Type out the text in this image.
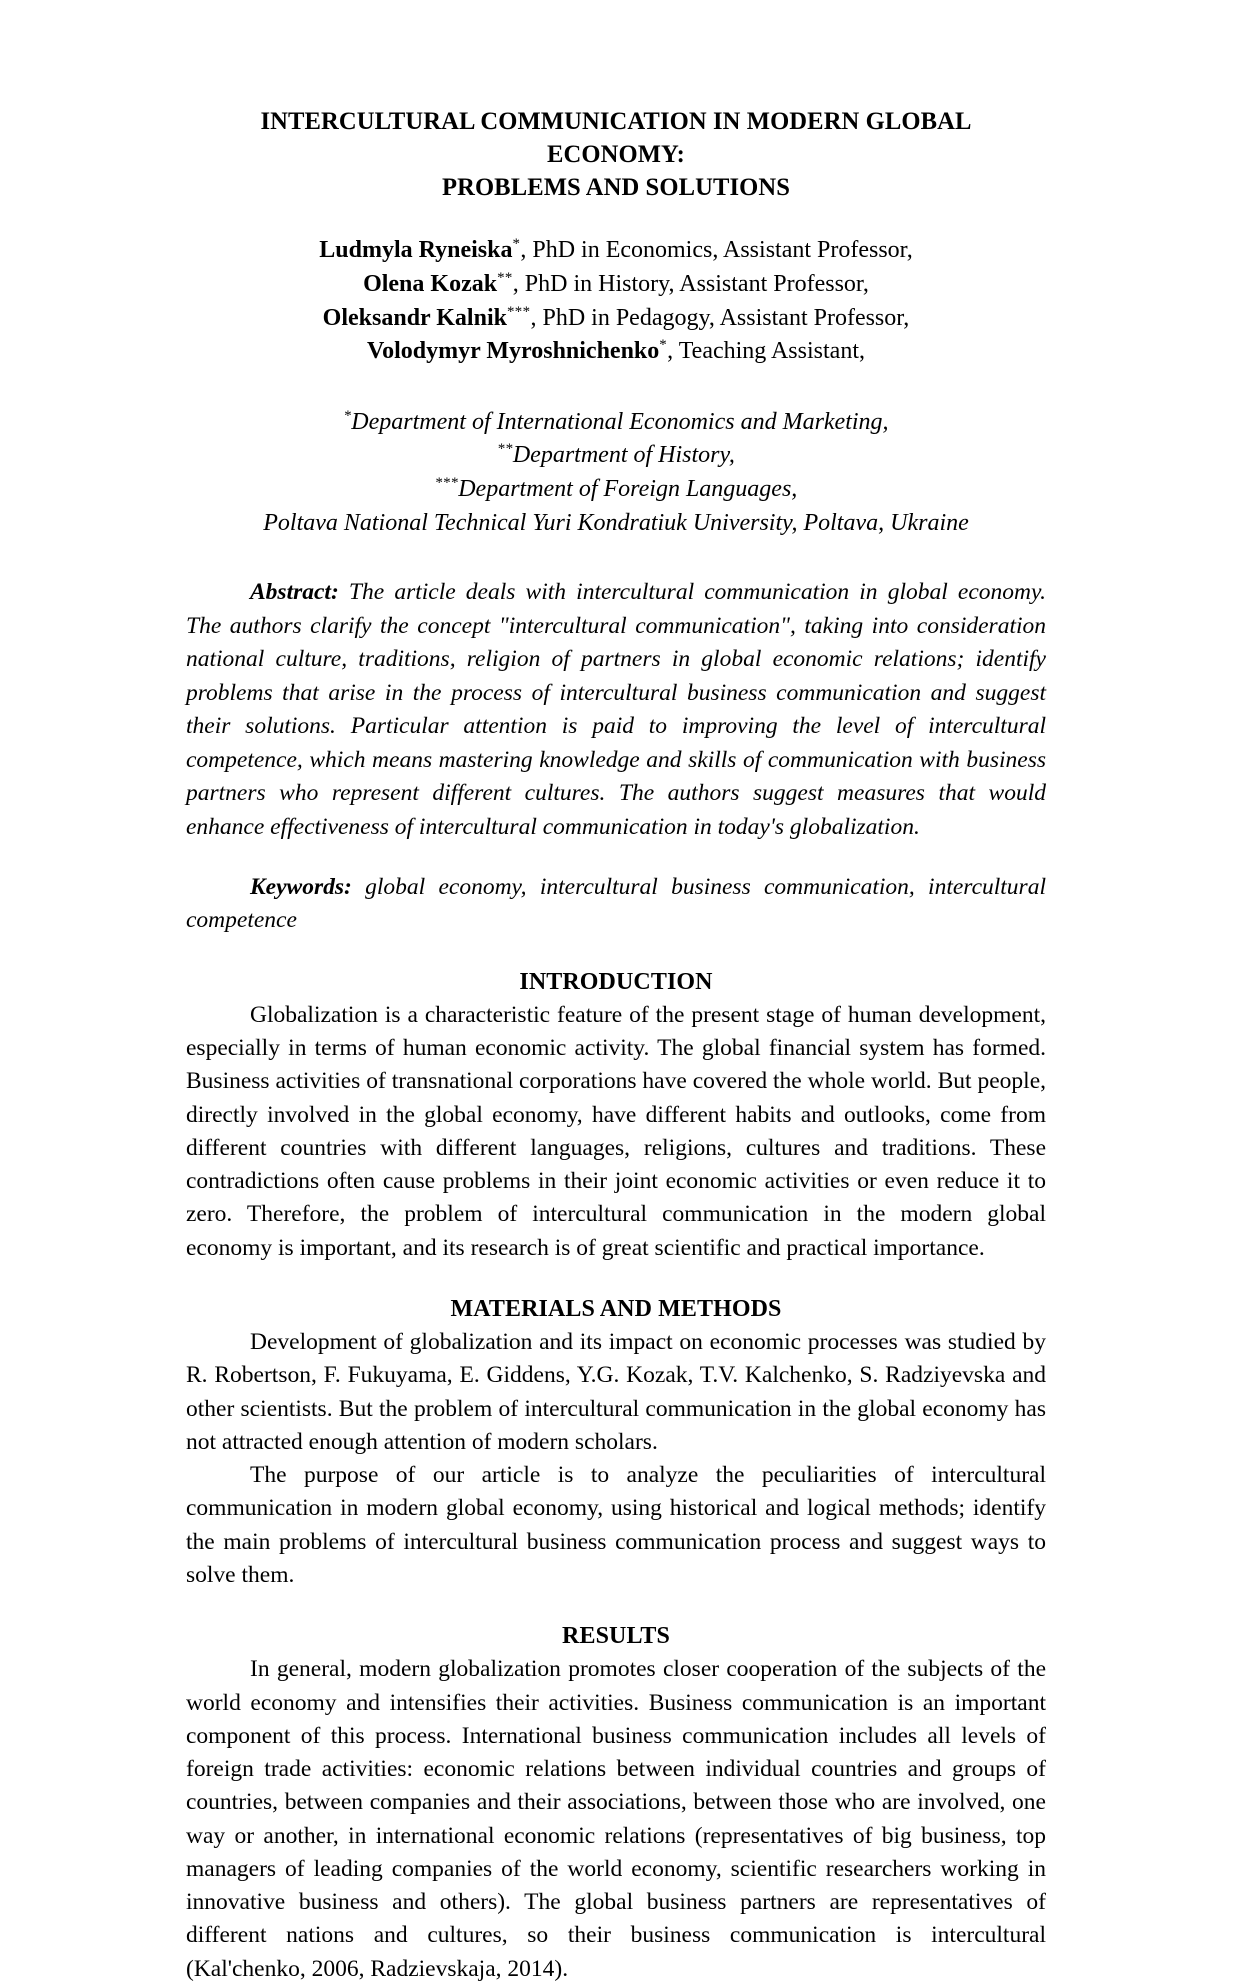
INTERCULTURAL COMMUNICATION IN MODERN GLOBAL ECONOMY:
PROBLEMS AND SOLUTIONS
Ludmyla Ryneiska*, PhD in Economics, Assistant Professor,
Olena Kozak**, PhD in History, Assistant Professor,
Oleksandr Kalnik***, PhD in Pedagogy, Assistant Professor,
Volodymyr Myroshnichenko*, Teaching Assistant,
*Department of International Economics and Marketing,
**Department of History,
***Department of Foreign Languages,
Poltava National Technical Yuri Kondratiuk University, Poltava, Ukraine

Abstract: The article deals with intercultural communication in global economy. The authors clarify the concept "intercultural communication", taking into consideration national culture, traditions, religion of partners in global economic relations; identify problems that arise in the process of intercultural business communication and suggest their solutions. Particular attention is paid to improving the level of intercultural competence, which means mastering knowledge and skills of communication with business partners who represent different cultures. The authors suggest measures that would enhance effectiveness of intercultural communication in today's globalization.

Keywords: global economy, intercultural business communication, intercultural competence

INTRODUCTION

Globalization is a characteristic feature of the present stage of human development, especially in terms of human economic activity. The global financial system has formed. Business activities of transnational corporations have covered the whole world. But people, directly involved in the global economy, have different habits and outlooks, come from different countries with different languages, religions, cultures and traditions. These contradictions often cause problems in their joint economic activities or even reduce it to zero. Therefore, the problem of intercultural communication in the modern global economy is important, and its research is of great scientific and practical importance.

MATERIALS AND METHODS

Development of globalization and its impact on economic processes was studied by R. Robertson, F. Fukuyama, E. Giddens, Y.G. Kozak, T.V. Kalchenko, S. Radziyevska and other scientists. But the problem of intercultural communication in the global economy has not attracted enough attention of modern scholars.

The purpose of our article is to analyze the peculiarities of intercultural communication in modern global economy, using historical and logical methods; identify the main problems of intercultural business communication process and suggest ways to solve them.

RESULTS

In general, modern globalization promotes closer cooperation of the subjects of the world economy and intensifies their activities. Business communication is an important component of this process. International business communication includes all levels of foreign trade activities: economic relations between individual countries and groups of countries, between companies and their associations, between those who are involved, one way or another, in international economic relations (representatives of big business, top managers of leading companies of the world economy, scientific researchers working in innovative business and others). The global business partners are representatives of different nations and cultures, so their business communication is intercultural (Kal'chenko, 2006, Radzievskaja, 2014).
